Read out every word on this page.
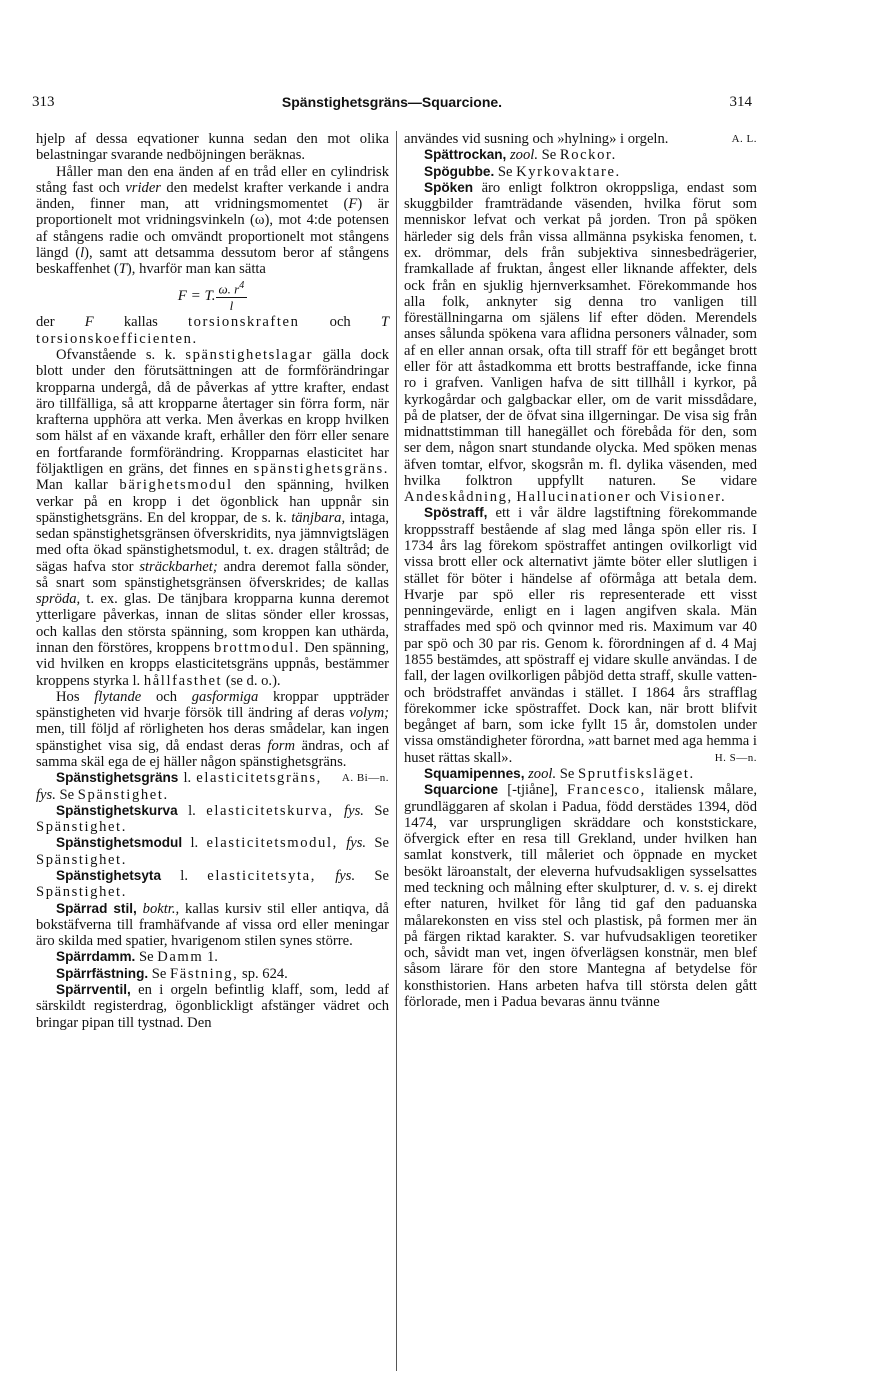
313	Spänstighetsgräns—Squarcione.	314

hjelp af dessa eqvationer kunna sedan den mot olika belastningar svarande nedböjningen beräknas.

Håller man den ena änden af en tråd eller en cylindrisk stång fast och vrider den medelst krafter verkande i andra änden, finner man, att vridningsmomentet (F) är proportionelt mot vridningsvinkeln (ω), mot 4:de potensen af stångens radie och omvändt proportionelt mot stångens längd (l), samt att detsamma dessutom beror af stångens beskaffenhet (T), hvarför man kan sätta

F = T. $\frac{\omega. r^4}{l}$

der F kallas torsionskraften och T torsionskoefficienten.

Ofvanstående s. k. spänstighetslagar gälla dock blott under den förutsättningen att de formförändringar kropparna undergå, då de påverkas af yttre krafter, endast äro tillfälliga, så att kropparne återtager sin förra form, när krafterna upphöra att verka. Men åverkas en kropp hvilken som hälst af en växande kraft, erhåller den förr eller senare en fortfarande formförändring. Kropparnas elasticitet har följaktligen en gräns, det finnes en spänstighetsgräns. Man kallar bärighetsmodul den spänning, hvilken verkar på en kropp i det ögonblick han uppnår sin spänstighetsgräns. En del kroppar, de s. k. tänjbara, intaga, sedan spänstighetsgränsen öfverskridits, nya jämnvigtslägen med ofta ökad spänstighetsmodul, t. ex. dragen ståltråd; de sägas hafva stor sträckbarhet; andra deremot falla sönder, så snart som spänstighetsgränsen öfverskrides; de kallas spröda, t. ex. glas. De tänjbara kropparna kunna deremot ytterligare påverkas, innan de slitas sönder eller krossas, och kallas den största spänning, som kroppen kan uthärda, innan den förstöres, kroppens brottmodul. Den spänning, vid hvilken en kropps elasticitetsgräns uppnås, bestämmer kroppens styrka l. hållfasthet (se d. o.).

Hos flytande och gasformiga kroppar uppträder spänstigheten vid hvarje försök till ändring af deras volym; men, till följd af rörligheten hos deras smådelar, kan ingen spänstighet visa sig, då endast deras form ändras, och af samma skäl ega de ej häller någon spänstighetsgräns.
A. Bi—n.

Spänstighetsgräns l. elasticitetsgräns, fys. Se Spänstighet.

Spänstighetskurva l. elasticitetskurva, fys. Se Spänstighet.

Spänstighetsmodul l. elasticitetsmodul, fys. Se Spänstighet.

Spänstighetsyta l. elasticitetsyta, fys. Se Spänstighet.

Spärrad stil, boktr., kallas kursiv stil eller antiqva, då bokstäfverna till framhäfvande af vissa ord eller meningar äro skilda med spatier, hvarigenom stilen synes större.

Spärrdamm. Se Damm 1.

Spärrfästning. Se Fästning, sp. 624.

Spärrventil, en i orgeln befintlig klaff, som, ledd af särskildt registerdrag, ögonblickligt afstänger vädret och bringar pipan till tystnad. Den

användes vid susning och »hylning» i orgeln.	A. L.

Spättrockan, zool. Se Rockor.

Spögubbe. Se Kyrkovaktare.

Spöken äro enligt folktron okroppsliga, endast som skuggbilder framträdande väsenden, hvilka förut som menniskor lefvat och verkat på jorden. Tron på spöken härleder sig dels från vissa allmänna psykiska fenomen, t. ex. drömmar, dels från subjektiva sinnesbedrägerier, framkallade af fruktan, ångest eller liknande affekter, dels ock från en sjuklig hjernverksamhet. Förekommande hos alla folk, anknyter sig denna tro vanligen till föreställningarna om själens lif efter döden. Merendels anses sålunda spökena vara aflidna personers vålnader, som af en eller annan orsak, ofta till straff för ett begånget brott eller för att åstadkomma ett brotts bestraffande, icke finna ro i grafven. Vanligen hafva de sitt tillhåll i kyrkor, på kyrkogårdar och galgbackar eller, om de varit missdådare, på de platser, der de öfvat sina illgerningar. De visa sig från midnattstimman till hanegället och förebåda för den, som ser dem, någon snart stundande olycka. Med spöken menas äfven tomtar, elfvor, skogsrån m. fl. dylika väsenden, med hvilka folktron uppfyllt naturen. Se vidare Andeskådning, Hallucinationer och Visioner.

Spöstraff, ett i vår äldre lagstiftning förekommande kroppsstraff bestående af slag med långa spön eller ris. I 1734 års lag förekom spöstraffet antingen ovilkorligt vid vissa brott eller ock alternativt jämte böter eller slutligen i stället för böter i händelse af oförmåga att betala dem. Hvarje par spö eller ris representerade ett visst penningevärde, enligt en i lagen angifven skala. Män straffades med spö och qvinnor med ris. Maximum var 40 par spö och 30 par ris. Genom k. förordningen af d. 4 Maj 1855 bestämdes, att spöstraff ej vidare skulle användas. I de fall, der lagen ovilkorligen påbjöd detta straff, skulle vatten- och brödstraffet användas i stället. I 1864 års strafflag förekommer icke spöstraffet. Dock kan, när brott blifvit begånget af barn, som icke fyllt 15 år, domstolen under vissa omständigheter förordna, »att barnet med aga hemma i huset rättas skall».	H. S—n.

Squamipennes, zool. Se Sprutfisksläget.

Squarcione [-tjiåne], Francesco, italiensk målare, grundläggaren af skolan i Padua, född derstädes 1394, död 1474, var ursprungligen skräddare och konststickare, öfvergick efter en resa till Grekland, under hvilken han samlat konstverk, till måleriet och öppnade en mycket besökt läroanstalt, der eleverna hufvudsakligen sysselsattes med teckning och målning efter skulpturer, d. v. s. ej direkt efter naturen, hvilket för lång tid gaf den paduanska målarekonsten en viss stel och plastisk, på formen mer än på färgen riktad karakter. S. var hufvudsakligen teoretiker och, såvidt man vet, ingen öfverlägsen konstnär, men blef såsom lärare för den store Mantegna af betydelse för konsthistorien. Hans arbeten hafva till största delen gått förlorade, men i Padua bevaras ännu tvänne
